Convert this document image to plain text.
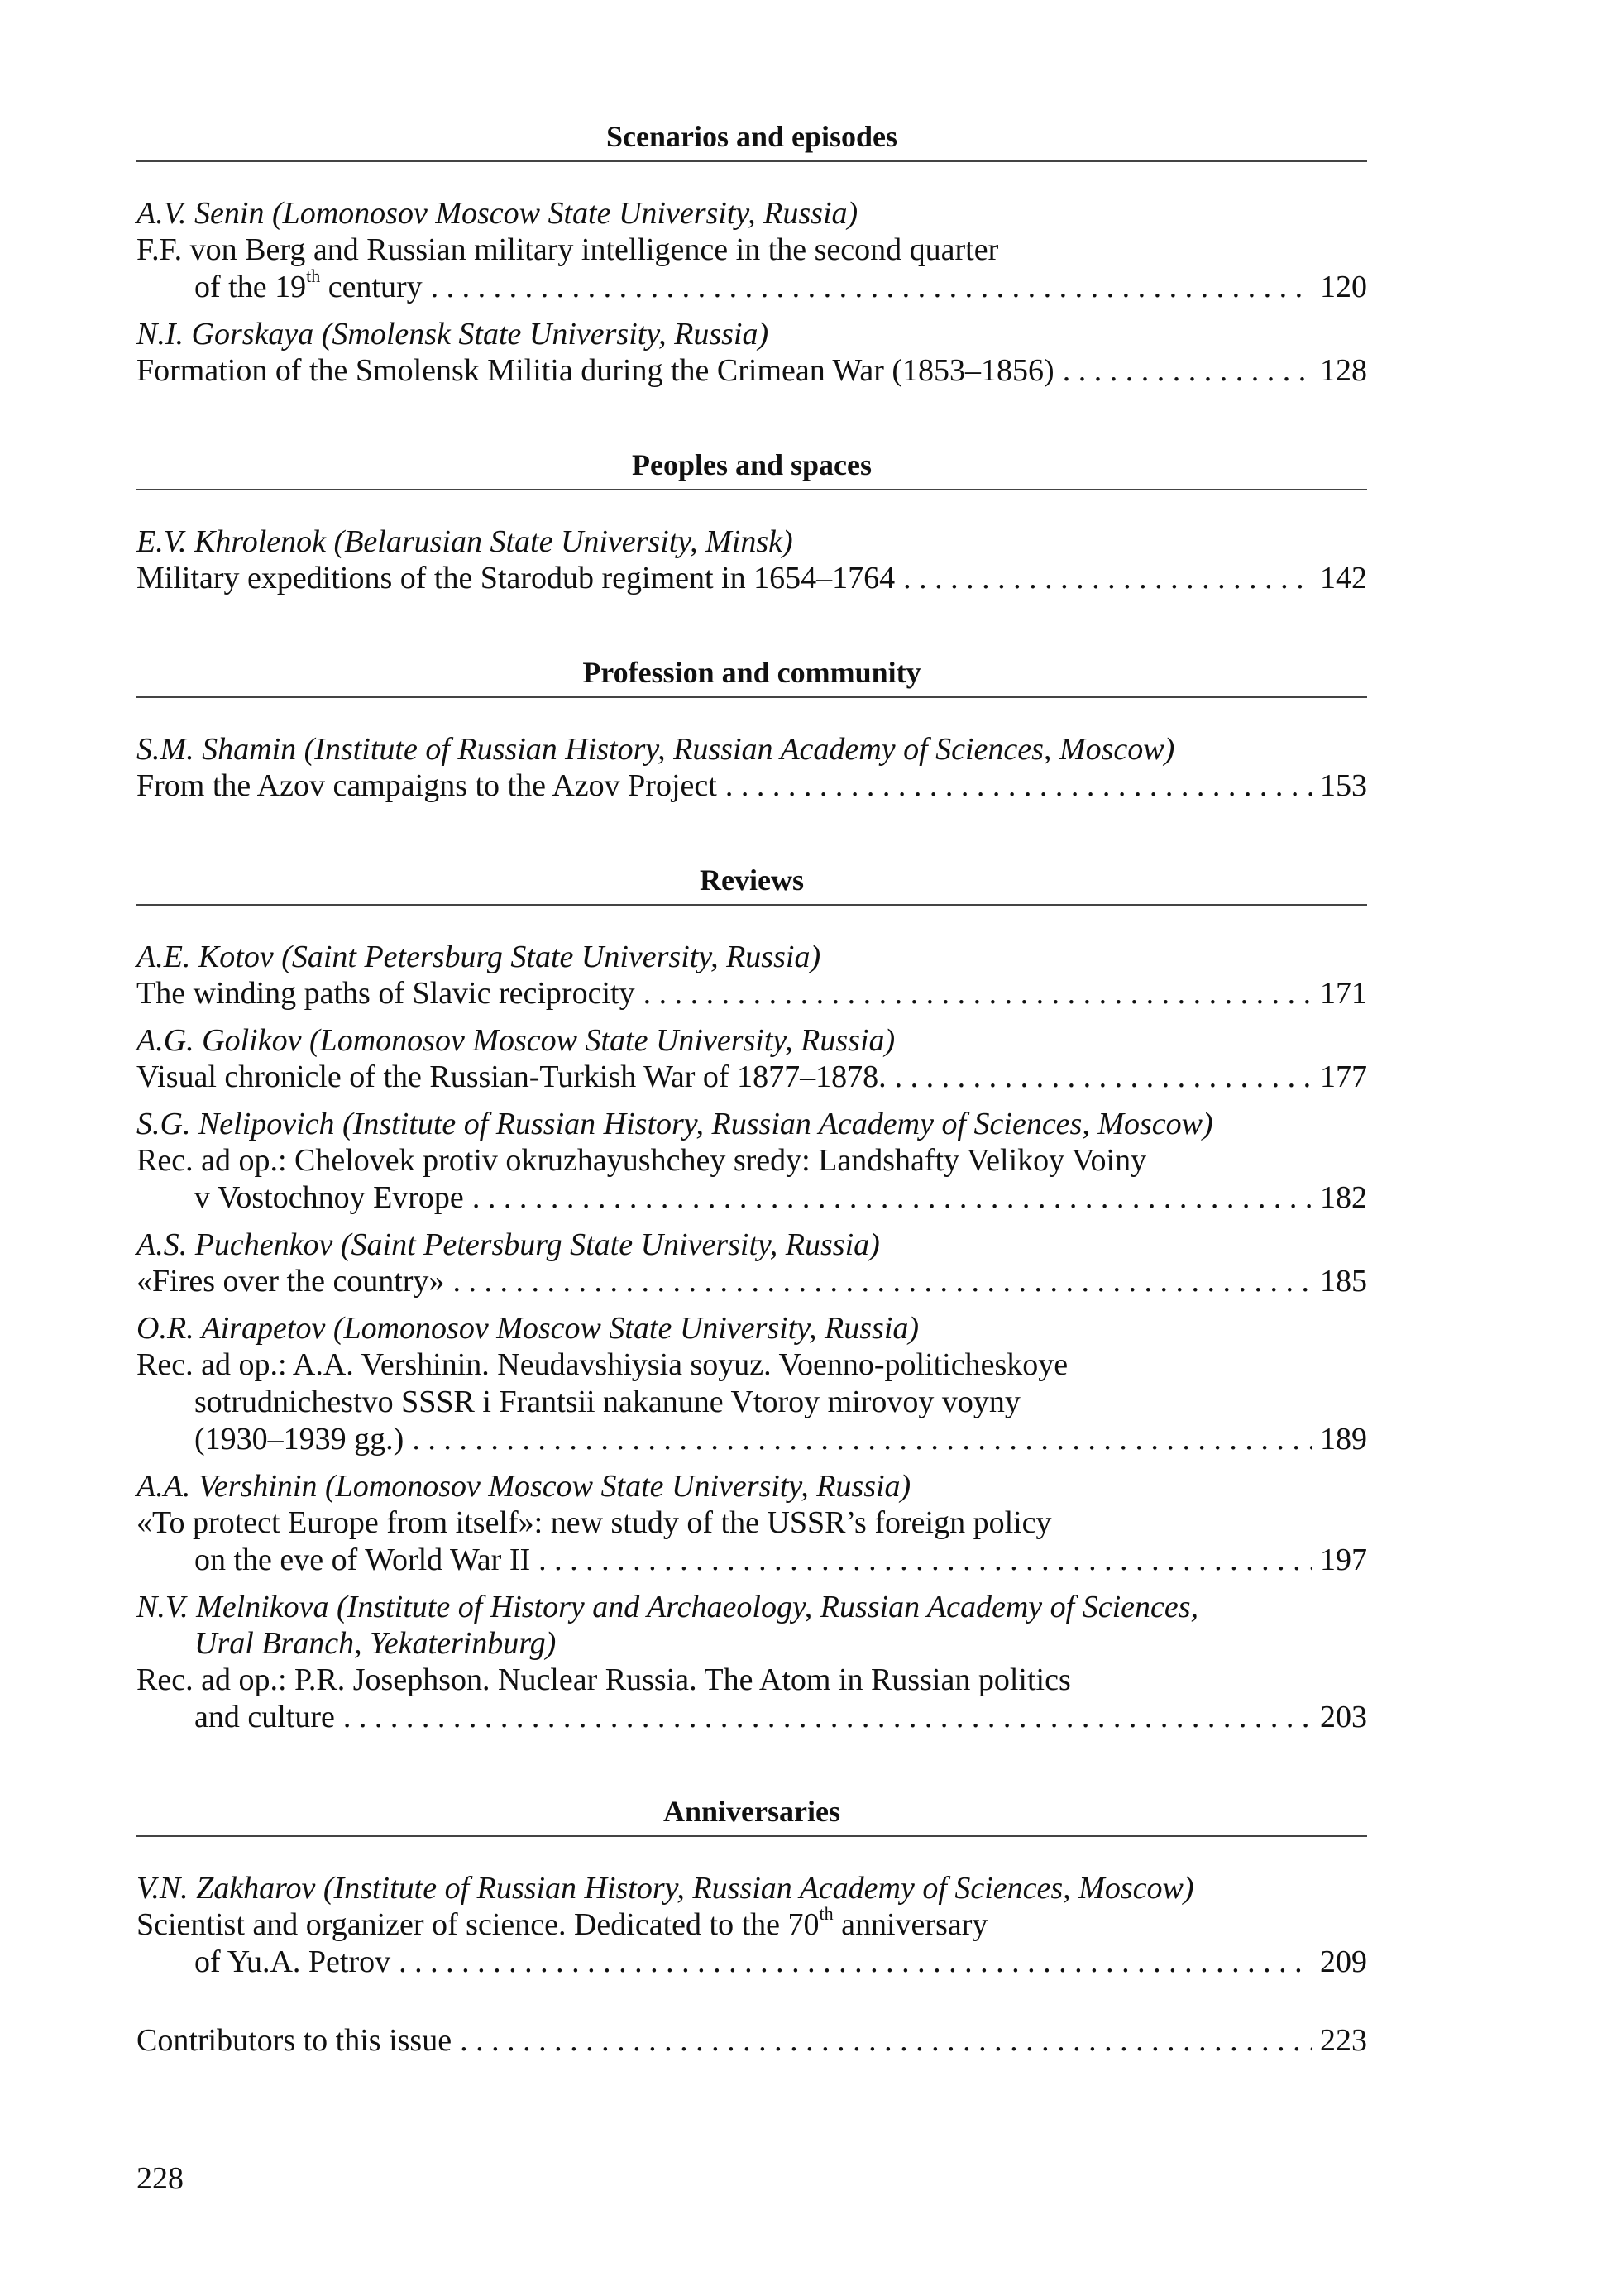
Scenarios and episodes
A.V. Senin (Lomonosov Moscow State University, Russia)
F.F. von Berg and Russian military intelligence in the second quarter
of the 19th century . . .	120
N.I. Gorskaya (Smolensk State University, Russia)
Formation of the Smolensk Militia during the Crimean War (1853–1856) . . .	128
Peoples and spaces
E.V. Khrolenok (Belarusian State University, Minsk)
Military expeditions of the Starodub regiment in 1654–1764 . . .	142
Profession and community
S.M. Shamin (Institute of Russian History, Russian Academy of Sciences, Moscow)
From the Azov campaigns to the Azov Project . . .	153
Reviews
A.E. Kotov (Saint Petersburg State University, Russia)
The winding paths of Slavic reciprocity . . .	171
A.G. Golikov (Lomonosov Moscow State University, Russia)
Visual chronicle of the Russian-Turkish War of 1877–1878. . . .	177
S.G. Nelipovich (Institute of Russian History, Russian Academy of Sciences, Moscow)
Rec. ad op.: Chelovek protiv okruzhayushchey sredy: Landshafty Velikoy Voiny
v Vostochnoy Evrope . . .	182
A.S. Puchenkov (Saint Petersburg State University, Russia)
«Fires over the country» . . .	185
O.R. Airapetov (Lomonosov Moscow State University, Russia)
Rec. ad op.: A.A. Vershinin. Neudavshiysia soyuz. Voenno-politicheskoye
sotrudnichestvo SSSR i Frantsii nakanune Vtoroy mirovoy voyny
(1930–1939 gg.) . . .	189
A.A. Vershinin (Lomonosov Moscow State University, Russia)
«To protect Europe from itself»: new study of the USSR’s foreign policy
on the eve of World War II . . .	197
N.V. Melnikova (Institute of History and Archaeology, Russian Academy of Sciences,
Ural Branch, Yekaterinburg)
Rec. ad op.: P.R. Josephson. Nuclear Russia. The Atom in Russian politics
and culture . . .	203
Anniversaries
V.N. Zakharov (Institute of Russian History, Russian Academy of Sciences, Moscow)
Scientist and organizer of science. Dedicated to the 70th anniversary
of Yu.A. Petrov . . .	209
Contributors to this issue . . .	223
228
